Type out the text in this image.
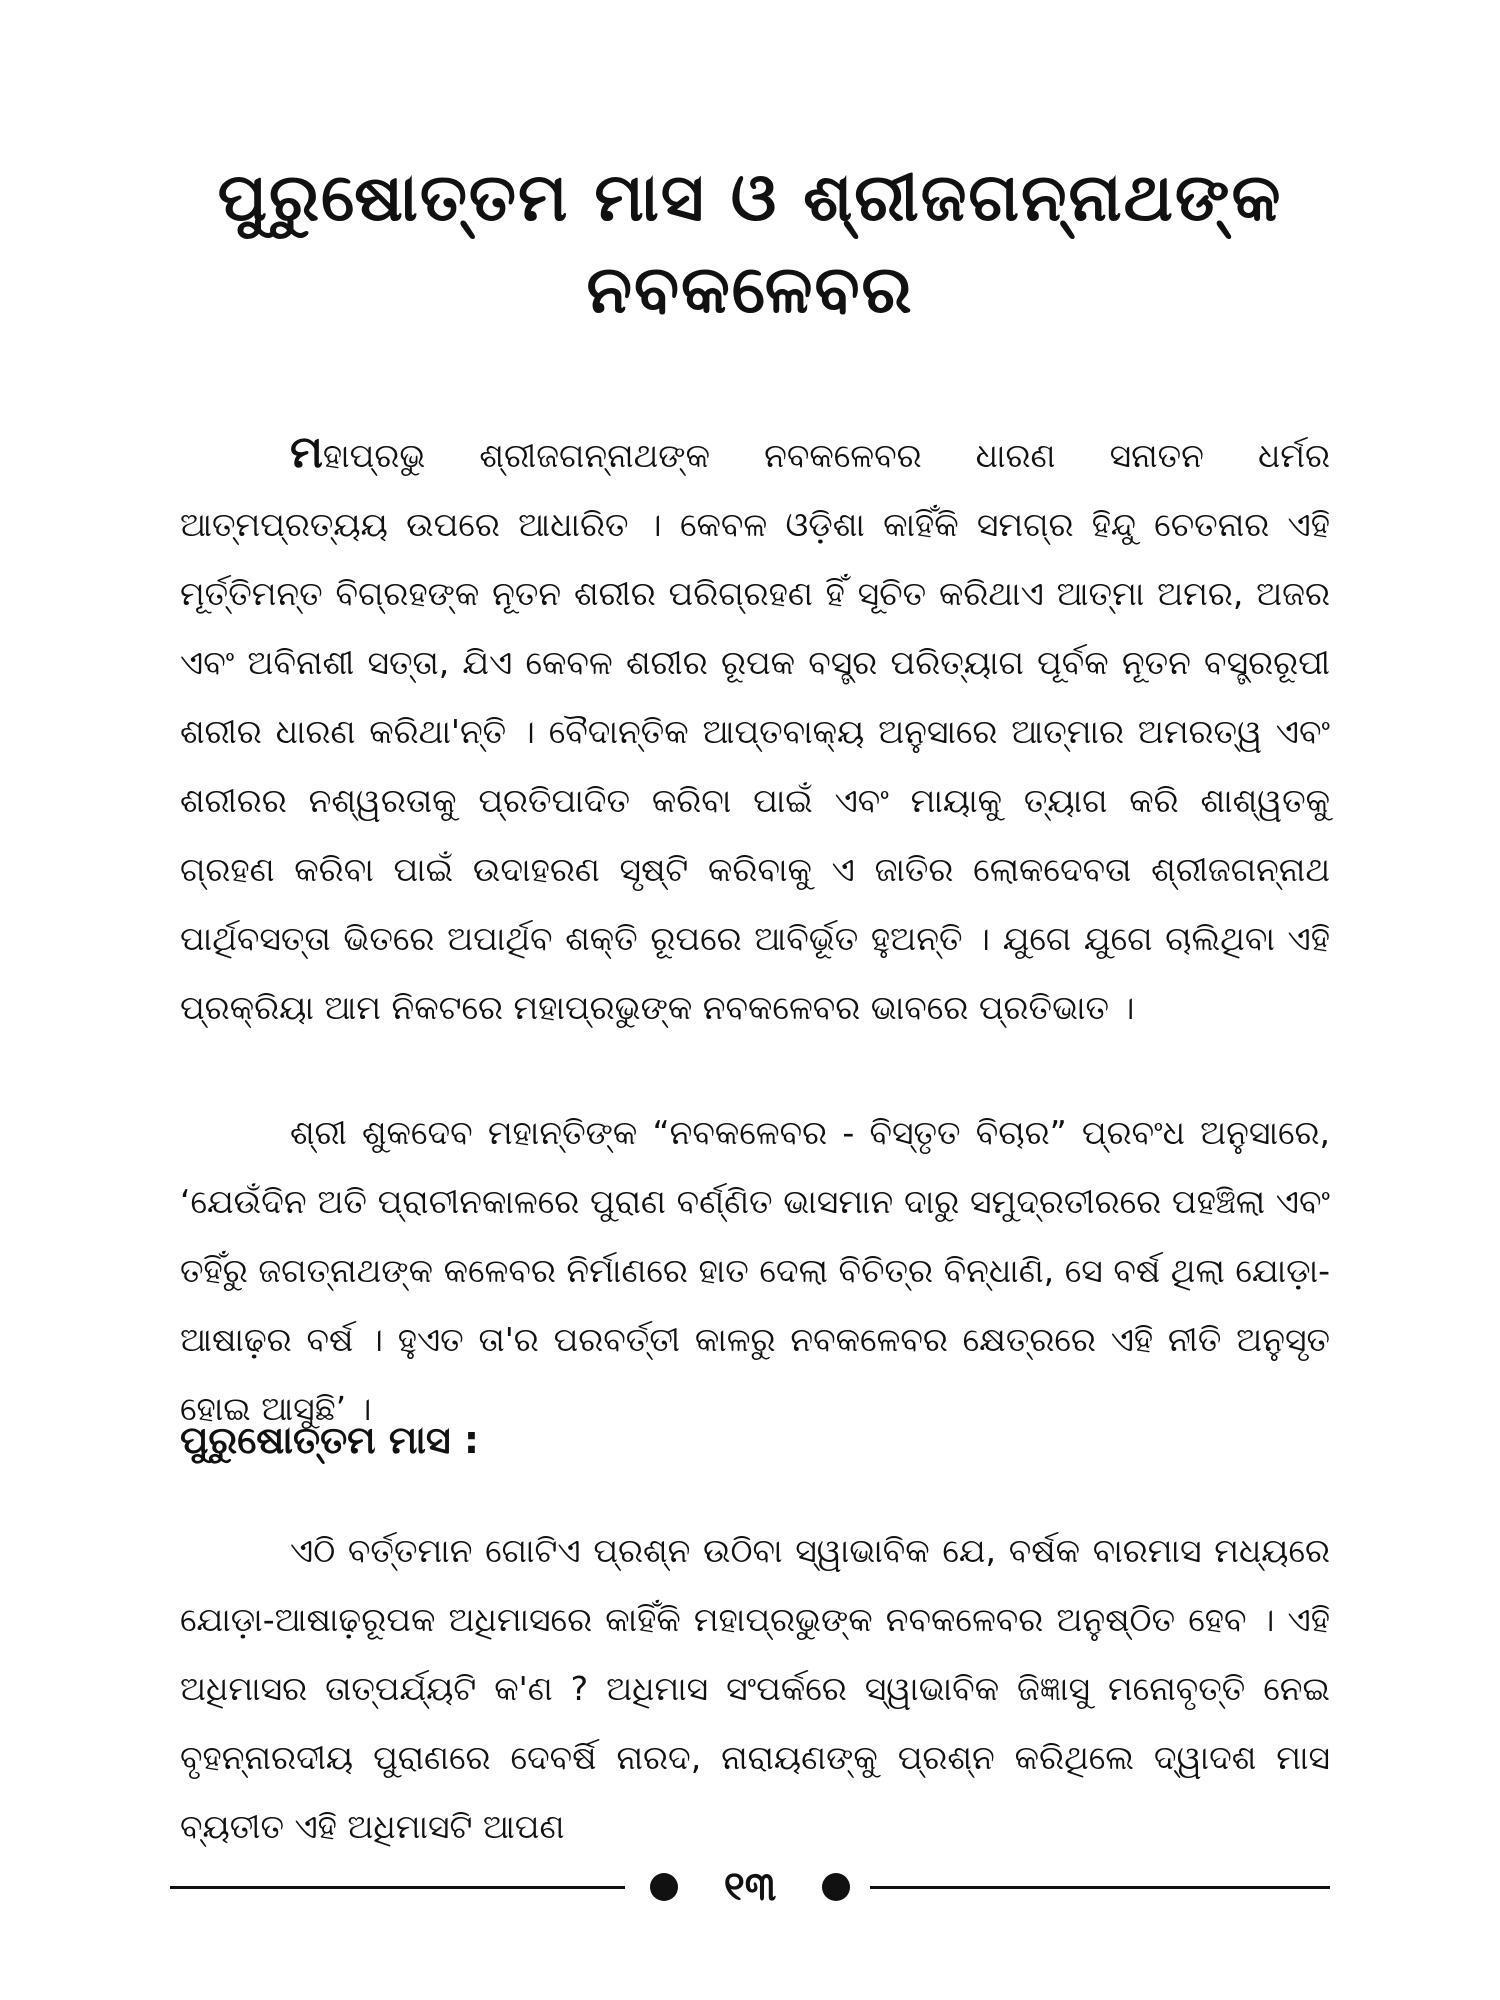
ପୁରୁଷୋତ୍ତମ ମାସ ଓ ଶ୍ରୀଜଗନ୍ନାଥଙ୍କ
ନବକଳେବର

ମହାପ୍ରଭୁ ଶ୍ରୀଜଗନ୍ନାଥଙ୍କ ନବକଳେବର ଧାରଣ ସନାତନ ଧର୍ମର ଆତ୍ମପ୍ରତ୍ୟୟ ଉପରେ ଆଧାରିତ । କେବଳ ଓଡ଼ିଶା କାହିଁକି ସମଗ୍ର ହିନ୍ଦୁ ଚେତନାର ଏହି ମୂର୍ତ୍ତିମନ୍ତ ବିଗ୍ରହଙ୍କ ନୂତନ ଶରୀର ପରିଗ୍ରହଣ ହିଁ ସୂଚିତ କରିଥାଏ ଆତ୍ମା ଅମର, ଅଜର ଏବଂ ଅବିନାଶୀ ସତ୍ତା, ଯିଏ କେବଳ ଶରୀର ରୂପକ ବସ୍ତ୍ର ପରିତ୍ୟାଗ ପୂର୍ବକ ନୂତନ ବସ୍ତ୍ରରୂପୀ ଶରୀର ଧାରଣ କରିଥା'ନ୍ତି । ବୈଦାନ୍ତିକ ଆପ୍ତବାକ୍ୟ ଅନୁସାରେ ଆତ୍ମାର ଅମରତ୍ୱ ଏବଂ ଶରୀରର ନଶ୍ୱରତାକୁ ପ୍ରତିପାଦିତ କରିବା ପାଇଁ ଏବଂ ମାୟାକୁ ତ୍ୟାଗ କରି ଶାଶ୍ୱତକୁ ଗ୍ରହଣ କରିବା ପାଇଁ ଉଦାହରଣ ସୃଷ୍ଟି କରିବାକୁ ଏ ଜାତିର ଲୋକଦେବତା ଶ୍ରୀଜଗନ୍ନାଥ ପାର୍ଥିବସତ୍ତା ଭିତରେ ଅପାର୍ଥିବ ଶକ୍ତି ରୂପରେ ଆବିର୍ଭୂତ ହୁଅନ୍ତି । ଯୁଗେ ଯୁଗେ ଚାଲିଥିବା ଏହି ପ୍ରକ୍ରିୟା ଆମ ନିକଟରେ ମହାପ୍ରଭୁଙ୍କ ନବକଳେବର ଭାବରେ ପ୍ରତିଭାତ ।

ଶ୍ରୀ ଶୁକଦେବ ମହାନ୍ତିଙ୍କ “ନବକଳେବର - ବିସ୍ତୃତ ବିଚାର” ପ୍ରବଂଧ ଅନୁସାରେ, ‘ଯେଉଁଦିନ ଅତି ପ୍ରାଚୀନକାଳରେ ପୁରାଣ ବର୍ଣ୍ଣିତ ଭାସମାନ ଦାରୁ ସମୁଦ୍ରତୀରରେ ପହଞ୍ଚିଲା ଏବଂ ତହିଁରୁ ଜଗତ୍‌ନାଥଙ୍କ କଳେବର ନିର୍ମାଣରେ ହାତ ଦେଲା ବିଚିତ୍ର ବିନ୍ଧାଣି, ସେ ବର୍ଷ ଥିଲା ଯୋଡ଼ା-ଆଷାଢ଼ର ବର୍ଷ । ହୁଏତ ତା'ର ପରବର୍ତ୍ତୀ କାଳରୁ ନବକଳେବର କ୍ଷେତ୍ରରେ ଏହି ନୀତି ଅନୁସୃତ ହୋଇ ଆସୁଛି’ ।

ପୁରୁଷୋତ୍ତମ ମାସ :

ଏଠି ବର୍ତ୍ତମାନ ଗୋଟିଏ ପ୍ରଶ୍ନ ଉଠିବା ସ୍ୱାଭାବିକ ଯେ, ବର୍ଷକ ବାରମାସ ମଧ୍ୟରେ ଯୋଡ଼ା-ଆଷାଢ଼ରୂପକ ଅଧିମାସରେ କାହିଁକି ମହାପ୍ରଭୁଙ୍କ ନବକଳେବର ଅନୁଷ୍ଠିତ ହେବ । ଏହି ଅଧିମାସର ତାତ୍ପର୍ଯ୍ୟଟି କ'ଣ ? ଅଧିମାସ ସଂପର୍କରେ ସ୍ୱାଭାବିକ ଜିଜ୍ଞାସୁ ମନୋବୃତ୍ତି ନେଇ ବୃହନ୍ନାରଦୀୟ ପୁରାଣରେ ଦେବର୍ଷି ନାରଦ, ନାରାୟଣଙ୍କୁ ପ୍ରଶ୍ନ କରିଥିଲେ ଦ୍ୱାଦଶ ମାସ ବ୍ୟତୀତ ଏହି ଅଧିମାସଟି ଆପଣ

୧୩
